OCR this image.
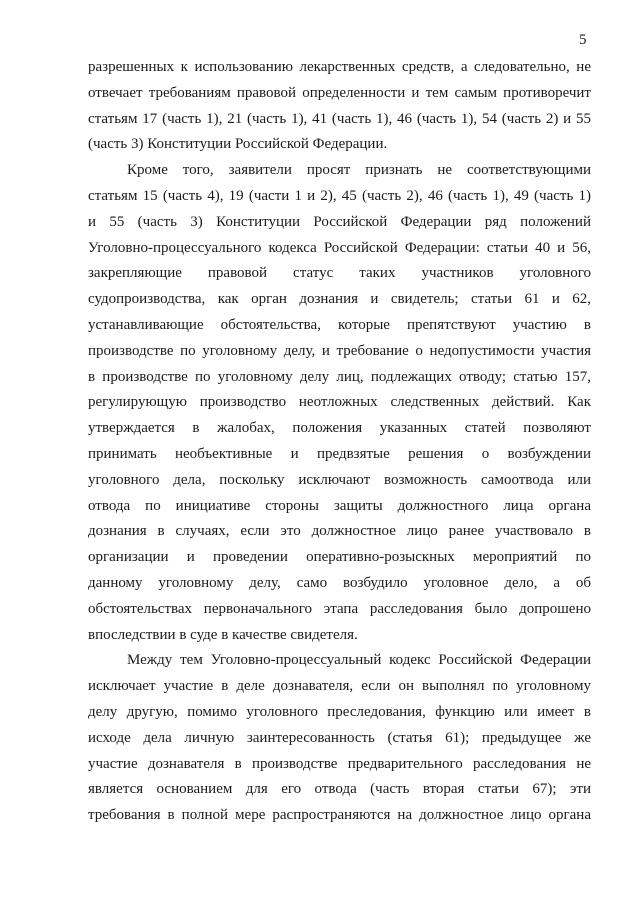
5
разрешенных к использованию лекарственных средств, а следовательно, не
отвечает требованиям правовой определенности и тем самым противоречит
статьям 17 (часть 1), 21 (часть 1), 41 (часть 1), 46 (часть 1), 54 (часть 2) и 55
(часть 3) Конституции Российской Федерации.
Кроме того, заявители просят признать не соответствующими
статьям 15 (часть 4), 19 (части 1 и 2), 45 (часть 2), 46 (часть 1), 49 (часть 1)
и 55 (часть 3) Конституции Российской Федерации ряд положений
Уголовно-процессуального кодекса Российской Федерации: статьи 40 и 56,
закрепляющие правовой статус таких участников уголовного
судопроизводства, как орган дознания и свидетель; статьи 61 и 62,
устанавливающие обстоятельства, которые препятствуют участию в
производстве по уголовному делу, и требование о недопустимости участия
в производстве по уголовному делу лиц, подлежащих отводу; статью 157,
регулирующую производство неотложных следственных действий. Как
утверждается в жалобах, положения указанных статей позволяют
принимать необъективные и предвзятые решения о возбуждении
уголовного дела, поскольку исключают возможность самоотвода или
отвода по инициативе стороны защиты должностного лица органа
дознания в случаях, если это должностное лицо ранее участвовало в
организации и проведении оперативно-розыскных мероприятий по
данному уголовному делу, само возбудило уголовное дело, а об
обстоятельствах первоначального этапа расследования было допрошено
впоследствии в суде в качестве свидетеля.
Между тем Уголовно-процессуальный кодекс Российской Федерации
исключает участие в деле дознавателя, если он выполнял по уголовному
делу другую, помимо уголовного преследования, функцию или имеет в
исходе дела личную заинтересованность (статья 61); предыдущее же
участие дознавателя в производстве предварительного расследования не
является основанием для его отвода (часть вторая статьи 67); эти
требования в полной мере распространяются на должностное лицо органа
